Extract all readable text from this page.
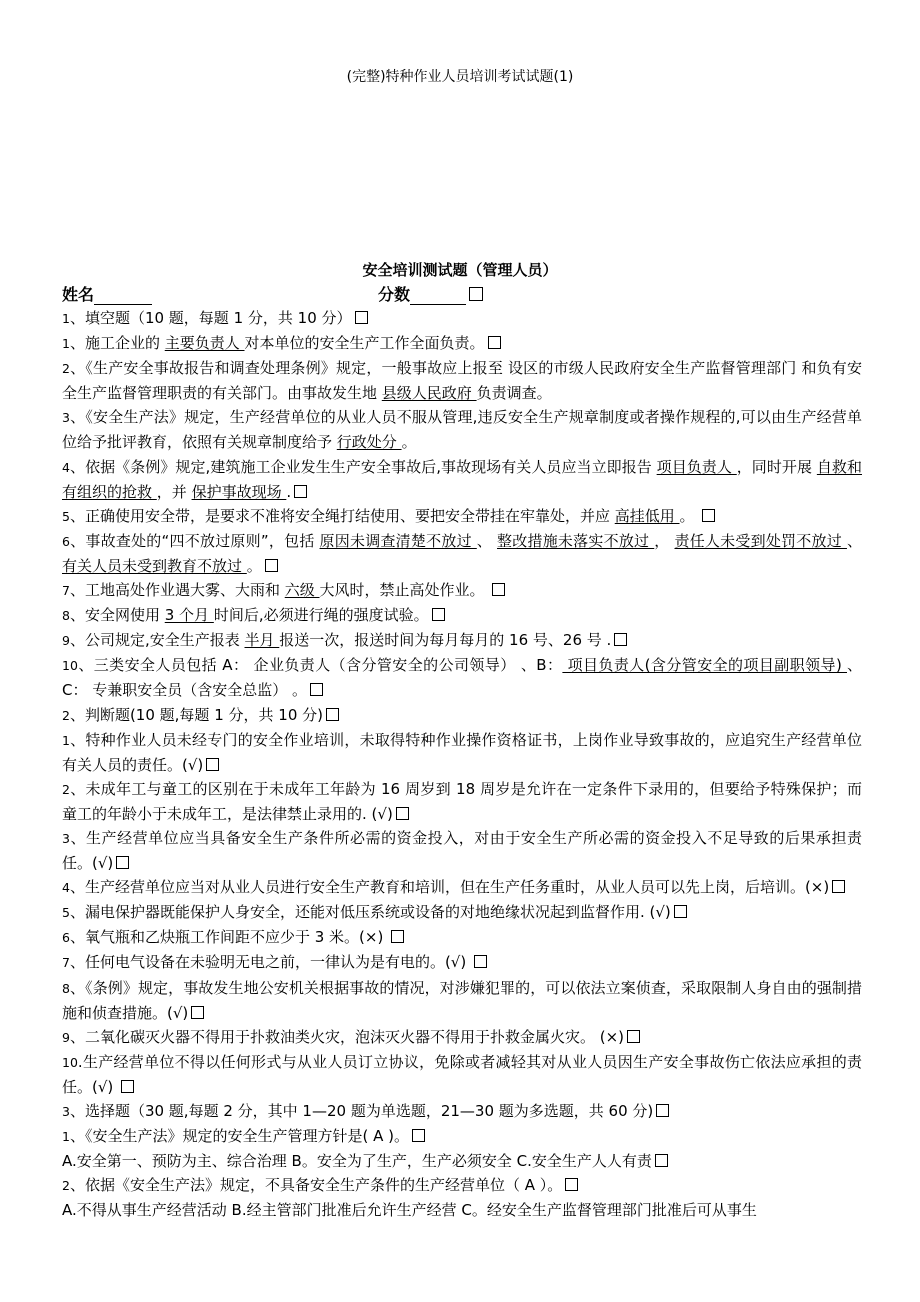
(完整)特种作业人员培训考试试题(1)
安全培训测试题（管理人员）
姓名	分数

1、填空题（10 题，每题 1 分，共 10 分）

1、施工企业的 主要负责人 对本单位的安全生产工作全面负责。

2、《生产安全事故报告和调查处理条例》规定，一般事故应上报至 设区的市级人民政府安全生产监督管理部门 和负有安全生产监督管理职责的有关部门。由事故发生地 县级人民政府 负责调查。

3、《安全生产法》规定，生产经营单位的从业人员不服从管理,违反安全生产规章制度或者操作规程的,可以由生产经营单位给予批评教育，依照有关规章制度给予 行政处分 。

4、依据《条例》规定,建筑施工企业发生生产安全事故后,事故现场有关人员应当立即报告 项目负责人 ，同时开展 自救和有组织的抢救 ，并 保护事故现场 .

5、正确使用安全带，是要求不准将安全绳打结使用、要把安全带挂在牢靠处，并应 高挂低用 。

6、事故查处的“四不放过原则”，包括 原因未调查清楚不放过 、 整改措施未落实不放过 ， 责任人未受到处罚不放过 、 有关人员未受到教育不放过 。

7、工地高处作业遇大雾、大雨和 六级 大风时，禁止高处作业。

8、安全网使用 3 个月 时间后,必须进行绳的强度试验。

9、公司规定,安全生产报表 半月 报送一次，报送时间为每月每月的 16 号、26 号 .

10、三类安全人员包括 A： 企业负责人（含分管安全的公司领导） 、B： 项目负责人(含分管安全的项目副职领导) 、C： 专兼职安全员（含安全总监） 。

2、判断题(10 题,每题 1 分，共 10 分)

1、特种作业人员未经专门的安全作业培训，未取得特种作业操作资格证书，上岗作业导致事故的，应追究生产经营单位有关人员的责任。(√)

2、未成年工与童工的区别在于未成年工年龄为 16 周岁到 18 周岁是允许在一定条件下录用的，但要给予特殊保护；而童工的年龄小于未成年工，是法律禁止录用的. (√)

3、生产经营单位应当具备安全生产条件所必需的资金投入，对由于安全生产所必需的资金投入不足导致的后果承担责任。(√)

4、生产经营单位应当对从业人员进行安全生产教育和培训，但在生产任务重时，从业人员可以先上岗，后培训。(×)

5、漏电保护器既能保护人身安全，还能对低压系统或设备的对地绝缘状况起到监督作用. (√)

6、氧气瓶和乙炔瓶工作间距不应少于 3 米。(×)

7、任何电气设备在未验明无电之前，一律认为是有电的。(√)

8、《条例》规定，事故发生地公安机关根据事故的情况，对涉嫌犯罪的，可以依法立案侦查，采取限制人身自由的强制措施和侦查措施。(√)

9、二氧化碳灭火器不得用于扑救油类火灾，泡沫灭火器不得用于扑救金属火灾。 (×)

10.生产经营单位不得以任何形式与从业人员订立协议，免除或者减轻其对从业人员因生产安全事故伤亡依法应承担的责任。(√)

3、选择题（30 题,每题 2 分，其中 1—20 题为单选题，21—30 题为多选题，共 60 分)

1、《安全生产法》规定的安全生产管理方针是( A )。

A.安全第一、预防为主、综合治理 B。安全为了生产，生产必须安全 C.安全生产人人有责

2、依据《安全生产法》规定，不具备安全生产条件的生产经营单位（ A ）。

A.不得从事生产经营活动 B.经主管部门批准后允许生产经营 C。经安全生产监督管理部门批准后可从事生
